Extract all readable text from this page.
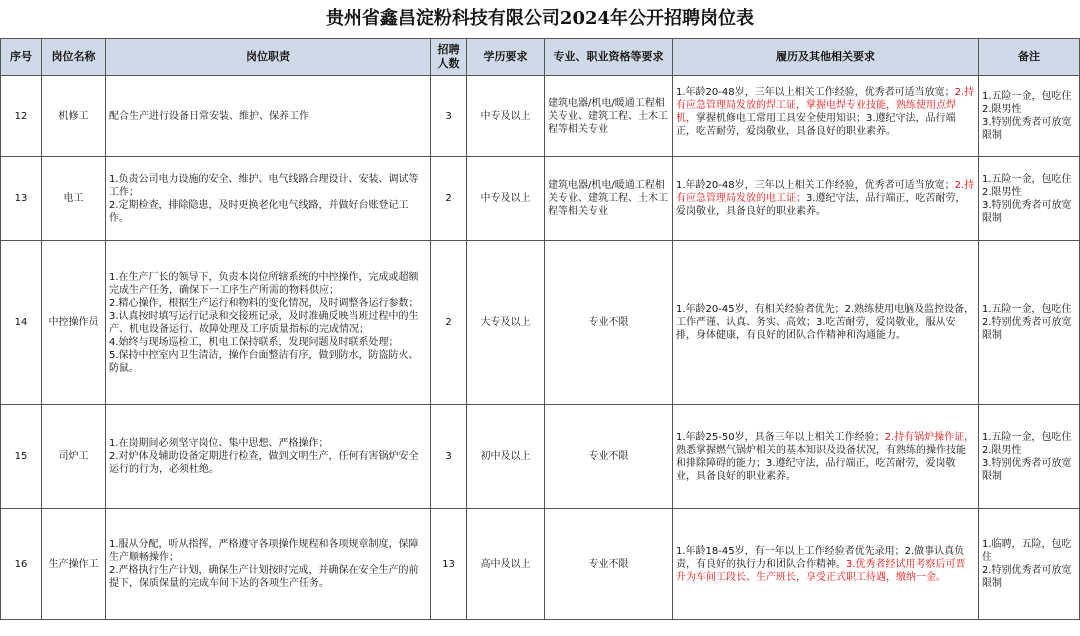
贵州省鑫昌淀粉科技有限公司2024年公开招聘岗位表
序号	岗位名称	岗位职责	招聘人数	学历要求	专业、职业资格等要求	履历及其他相关要求	备注
12	机修工	配合生产进行设备日常安装、维护、保养工作	3	中专及以上	建筑电器/机电/暖通工程相关专业、建筑工程、土木工程等相关专业	1.年龄20-48岁，三年以上相关工作经验，优秀者可适当放宽；2.持有应急管理局发放的焊工证，掌握电焊专业技能，熟练使用点焊机，掌握机修电工常用工具安全使用知识；3.遵纪守法，品行端正，吃苦耐劳，爱岗敬业，具备良好的职业素养。	1.五险一金，包吃住
2.限男性
3.特别优秀者可放宽限制

13	电工	1.负责公司电力设施的安全、维护、电气线路合理设计、安装、调试等工作；
2.定期检查，排除隐患，及时更换老化电气线路，并做好台账登记工作。	2	中专及以上	建筑电器/机电/暖通工程相关专业、建筑工程、土木工程等相关专业	1.年龄20-48岁，三年以上相关工作经验，优秀者可适当放宽；2.持有应急管理局发放的电工证；3.遵纪守法，品行端正，吃苦耐劳，爱岗敬业，具备良好的职业素养。	1.五险一金，包吃住
2.限男性
3.特别优秀者可放宽限制

14	中控操作员	1.在生产厂长的领导下，负责本岗位所辖系统的中控操作，完成或超额完成生产任务，确保下一工序生产所需的物料供应；
2.精心操作，根据生产运行和物料的变化情况，及时调整各运行参数；
3.认真按时填写运行记录和交接班记录，及时准确反映当班过程中的生产、机电设备运行、故障处理及工序质量指标的完成情况；
4.始终与现场巡检工，机电工保持联系，发现问题及时联系处理；
5.保持中控室内卫生清洁，操作台面整洁有序，做到防水，防盗防火、防鼠。	2	大专及以上	专业不限	1.年龄20-45岁，有相关经验者优先；2.熟练使用电脑及监控设备，工作严谨、认真、务实、高效；3.吃苦耐劳，爱岗敬业，服从安排，身体健康，有良好的团队合作精神和沟通能力。	1.五险一金，包吃住
2.特别优秀者可放宽限制

15	司炉工	1.在岗期间必须坚守岗位、集中思想、严格操作；
2.对炉体及辅助设备定期进行检查，做到文明生产，任何有害锅炉安全运行的行为，必须杜绝。	3	初中及以上	专业不限	1.年龄25-50岁，具备三年以上相关工作经验；2.持有锅炉操作证，熟悉掌握燃气锅炉相关的基本知识及设备状况，有熟练的操作技能和排除障碍的能力；3.遵纪守法，品行端正，吃苦耐劳，爱岗敬业，具备良好的职业素养。	1.五险一金，包吃住
2.限男性
3.特别优秀者可放宽限制

16	生产操作工	1.服从分配，听从指挥，严格遵守各项操作规程和各项规章制度，保障生产顺畅操作；
2.严格执行生产计划，确保生产计划按时完成，并确保在安全生产的前提下，保质保量的完成车间下达的各项生产任务。	13	高中及以上	专业不限	1.年龄18-45岁，有一年以上工作经验者优先录用；2.做事认真负责，有良好的执行力和团队合作精神。3.优秀者经试用考察后可晋升为车间工段长、生产班长，享受正式职工待遇，缴纳一金。	1.临聘，五险，包吃住
2.特别优秀者可放宽限制
